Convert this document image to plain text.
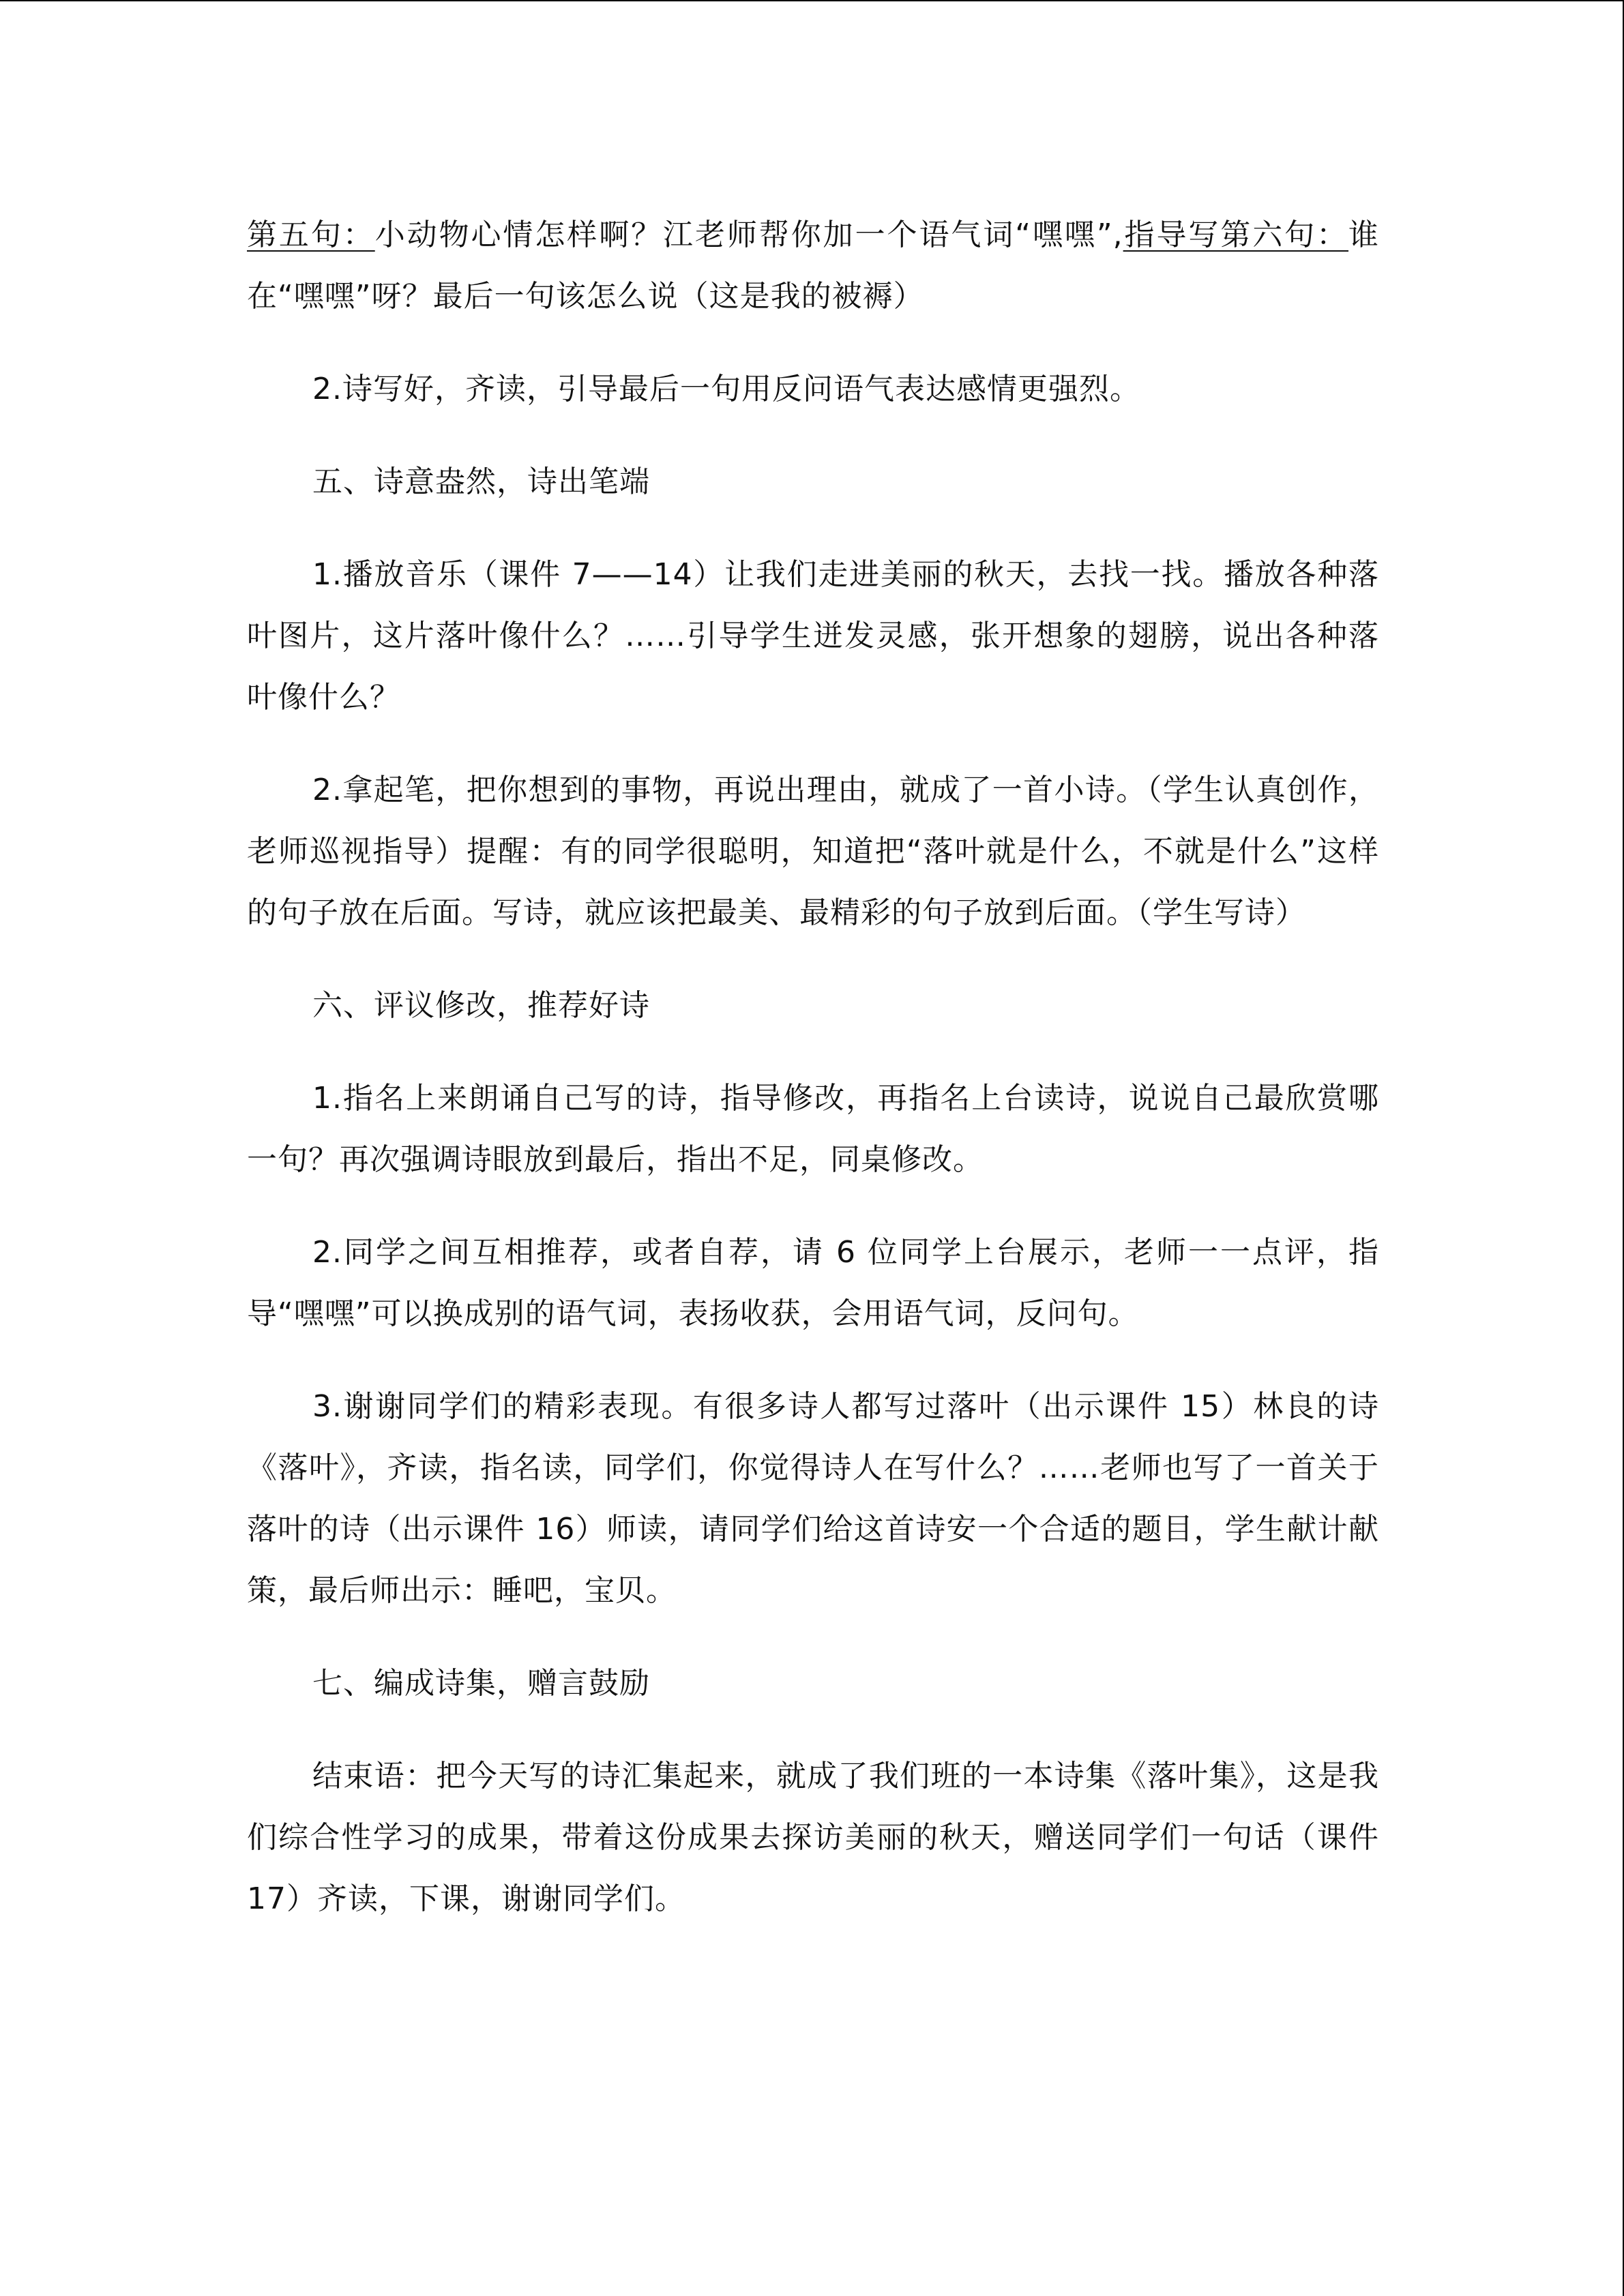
第五句：小动物心情怎样啊？江老师帮你加一个语气词“嘿嘿”,指导写第六句：谁在“嘿嘿”呀？最后一句该怎么说（这是我的被褥）

2.诗写好，齐读，引导最后一句用反问语气表达感情更强烈。

五、诗意盎然，诗出笔端

1.播放音乐（课件 7——14）让我们走进美丽的秋天，去找一找。播放各种落叶图片，这片落叶像什么？……引导学生迸发灵感，张开想象的翅膀，说出各种落叶像什么？

2.拿起笔，把你想到的事物，再说出理由，就成了一首小诗。（学生认真创作，老师巡视指导）提醒：有的同学很聪明，知道把“落叶就是什么，不就是什么”这样的句子放在后面。写诗，就应该把最美、最精彩的句子放到后面。（学生写诗）

六、评议修改，推荐好诗

1.指名上来朗诵自己写的诗，指导修改，再指名上台读诗，说说自己最欣赏哪一句？再次强调诗眼放到最后，指出不足，同桌修改。

2.同学之间互相推荐，或者自荐，请 6 位同学上台展示，老师一一点评，指导“嘿嘿”可以换成别的语气词，表扬收获，会用语气词，反问句。

3.谢谢同学们的精彩表现。有很多诗人都写过落叶（出示课件 15）林良的诗《落叶》，齐读，指名读，同学们，你觉得诗人在写什么？……老师也写了一首关于落叶的诗（出示课件 16）师读，请同学们给这首诗安一个合适的题目，学生献计献策，最后师出示：睡吧，宝贝。

七、编成诗集，赠言鼓励

结束语：把今天写的诗汇集起来，就成了我们班的一本诗集《落叶集》，这是我们综合性学习的成果，带着这份成果去探访美丽的秋天，赠送同学们一句话（课件 17）齐读，下课，谢谢同学们。
